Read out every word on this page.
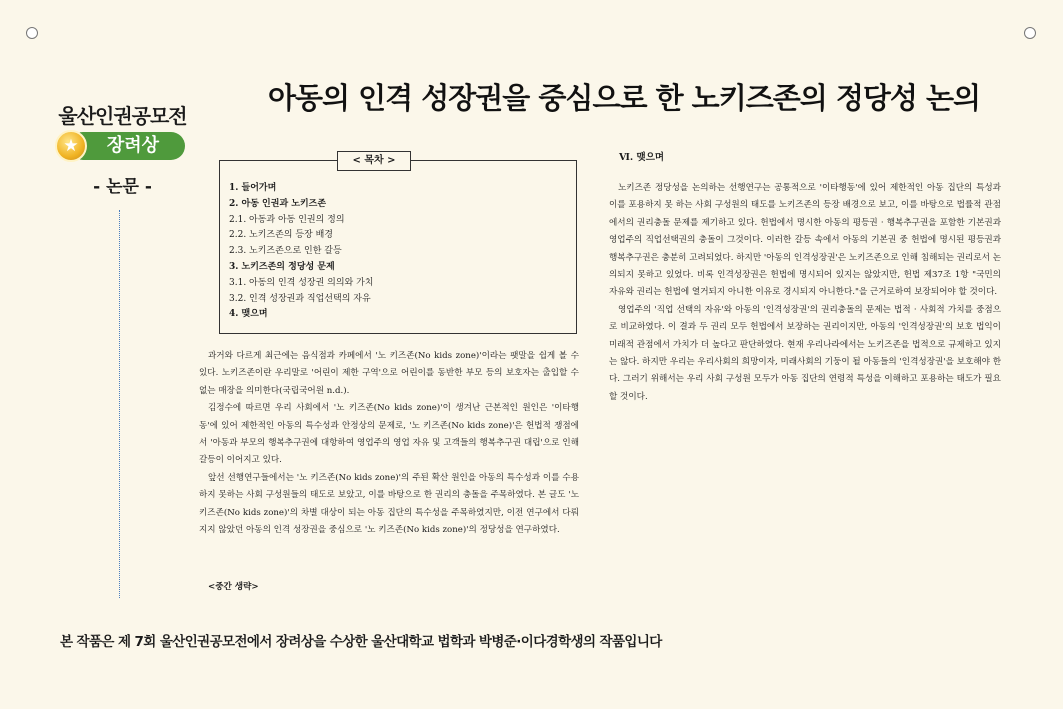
아동의 인격 성장권을 중심으로 한 노키즈존의 정당성 논의
울산인권공모전
장려상
★
- 논문 -	1. 들어가며
2. 아동 인권과 노키즈존
2.1. 아동과 아동 인권의 정의
2.2. 노키즈존의 등장 배경
2.3. 노키즈존으로 인한 갈등
3. 노키즈존의 정당성 문제
3.1. 아동의 인격 성장권 의의와 가치
3.2. 인격 성장권과 직업선택의 자유
4. 맺으며
< 목차 >

과거와 다르게 최근에는 음식점과 카페에서 '노 키즈존(No kids zone)'이라는 팻말을 쉽게 볼 수 있다. 노키즈존이란 우리말로 '어린이 제한 구역'으로 어린이를 동반한 부모 등의 보호자는 출입할 수 없는 매장을 의미한다(국립국어원 n.d.).

김정수에 따르면 우리 사회에서 '노 키즈존(No kids zone)'이 생겨난 근본적인 원인은 '이타행동'에 있어 제한적인 아동의 특수성과 안정상의 문제로, '노 키즈존(No kids zone)'은 헌법적 쟁점에서 '아동과 부모의 행복추구권에 대항하여 영업주의 영업 자유 및 고객들의 행복추구권 대립'으로 인해 갈등이 이어지고 있다.

앞선 선행연구들에서는 '노 키즈존(No kids zone)'의 주된 확산 원인을 아동의 특수성과 이를 수용하지 못하는 사회 구성원들의 태도로 보았고, 이를 바탕으로 한 권리의 충돌을 주목하였다. 본 글도 '노 키즈존(No kids zone)'의 차별 대상이 되는 아동 집단의 특수성을 주목하였지만, 이전 연구에서 다뤄지지 않았던 아동의 인격 성장권을 중심으로 '노 키즈존(No kids zone)'의 정당성을 연구하였다.

<중간 생략>
Ⅵ. 맺으며

노키즈존 정당성을 논의하는 선행연구는 공통적으로 '이타행동'에 있어 제한적인 아동 집단의 특성과 이를 포용하지 못 하는 사회 구성원의 태도를 노키즈존의 등장 배경으로 보고, 이를 바탕으로 법률적 관점에서의 권리충돌 문제를 제기하고 있다. 헌법에서 명시한 아동의 평등권 · 행복추구권을 포함한 기본권과 영업주의 직업선택권의 충돌이 그것이다. 이러한 갈등 속에서 아동의 기본권 중 헌법에 명시된 평등권과 행복추구권은 충분히 고려되었다. 하지만 '아동의 인격성장권'은 노키즈존으로 인해 침해되는 권리로서 논의되지 못하고 있었다. 비록 인격성장권은 헌법에 명시되어 있지는 않았지만, 헌법 제37조 1항 "국민의 자유와 권리는 헌법에 열거되지 아니한 이유로 경시되지 아니한다."을 근거로하여 보장되어야 할 것이다.

영업주의 '직업 선택의 자유'와 아동의 '인격성장권'의 권리충돌의 문제는 법적 · 사회적 가치를 중점으로 비교하였다. 이 결과 두 권리 모두 헌법에서 보장하는 권리이지만, 아동의 '인격성장권'의 보호 법익이 미래적 관점에서 가치가 더 높다고 판단하였다. 현재 우리나라에서는 노키즈존을 법적으로 규제하고 있지는 않다. 하지만 우리는 우리사회의 희망이자, 미래사회의 기둥이 될 아동들의 '인격성장권'을 보호해야 한다. 그러기 위해서는 우리 사회 구성원 모두가 아동 집단의 연령적 특성을 이해하고 포용하는 태도가 필요할 것이다.

본 작품은 제 7회 울산인권공모전에서 장려상을 수상한 울산대학교 법학과 박병준·이다경학생의 작품입니다
